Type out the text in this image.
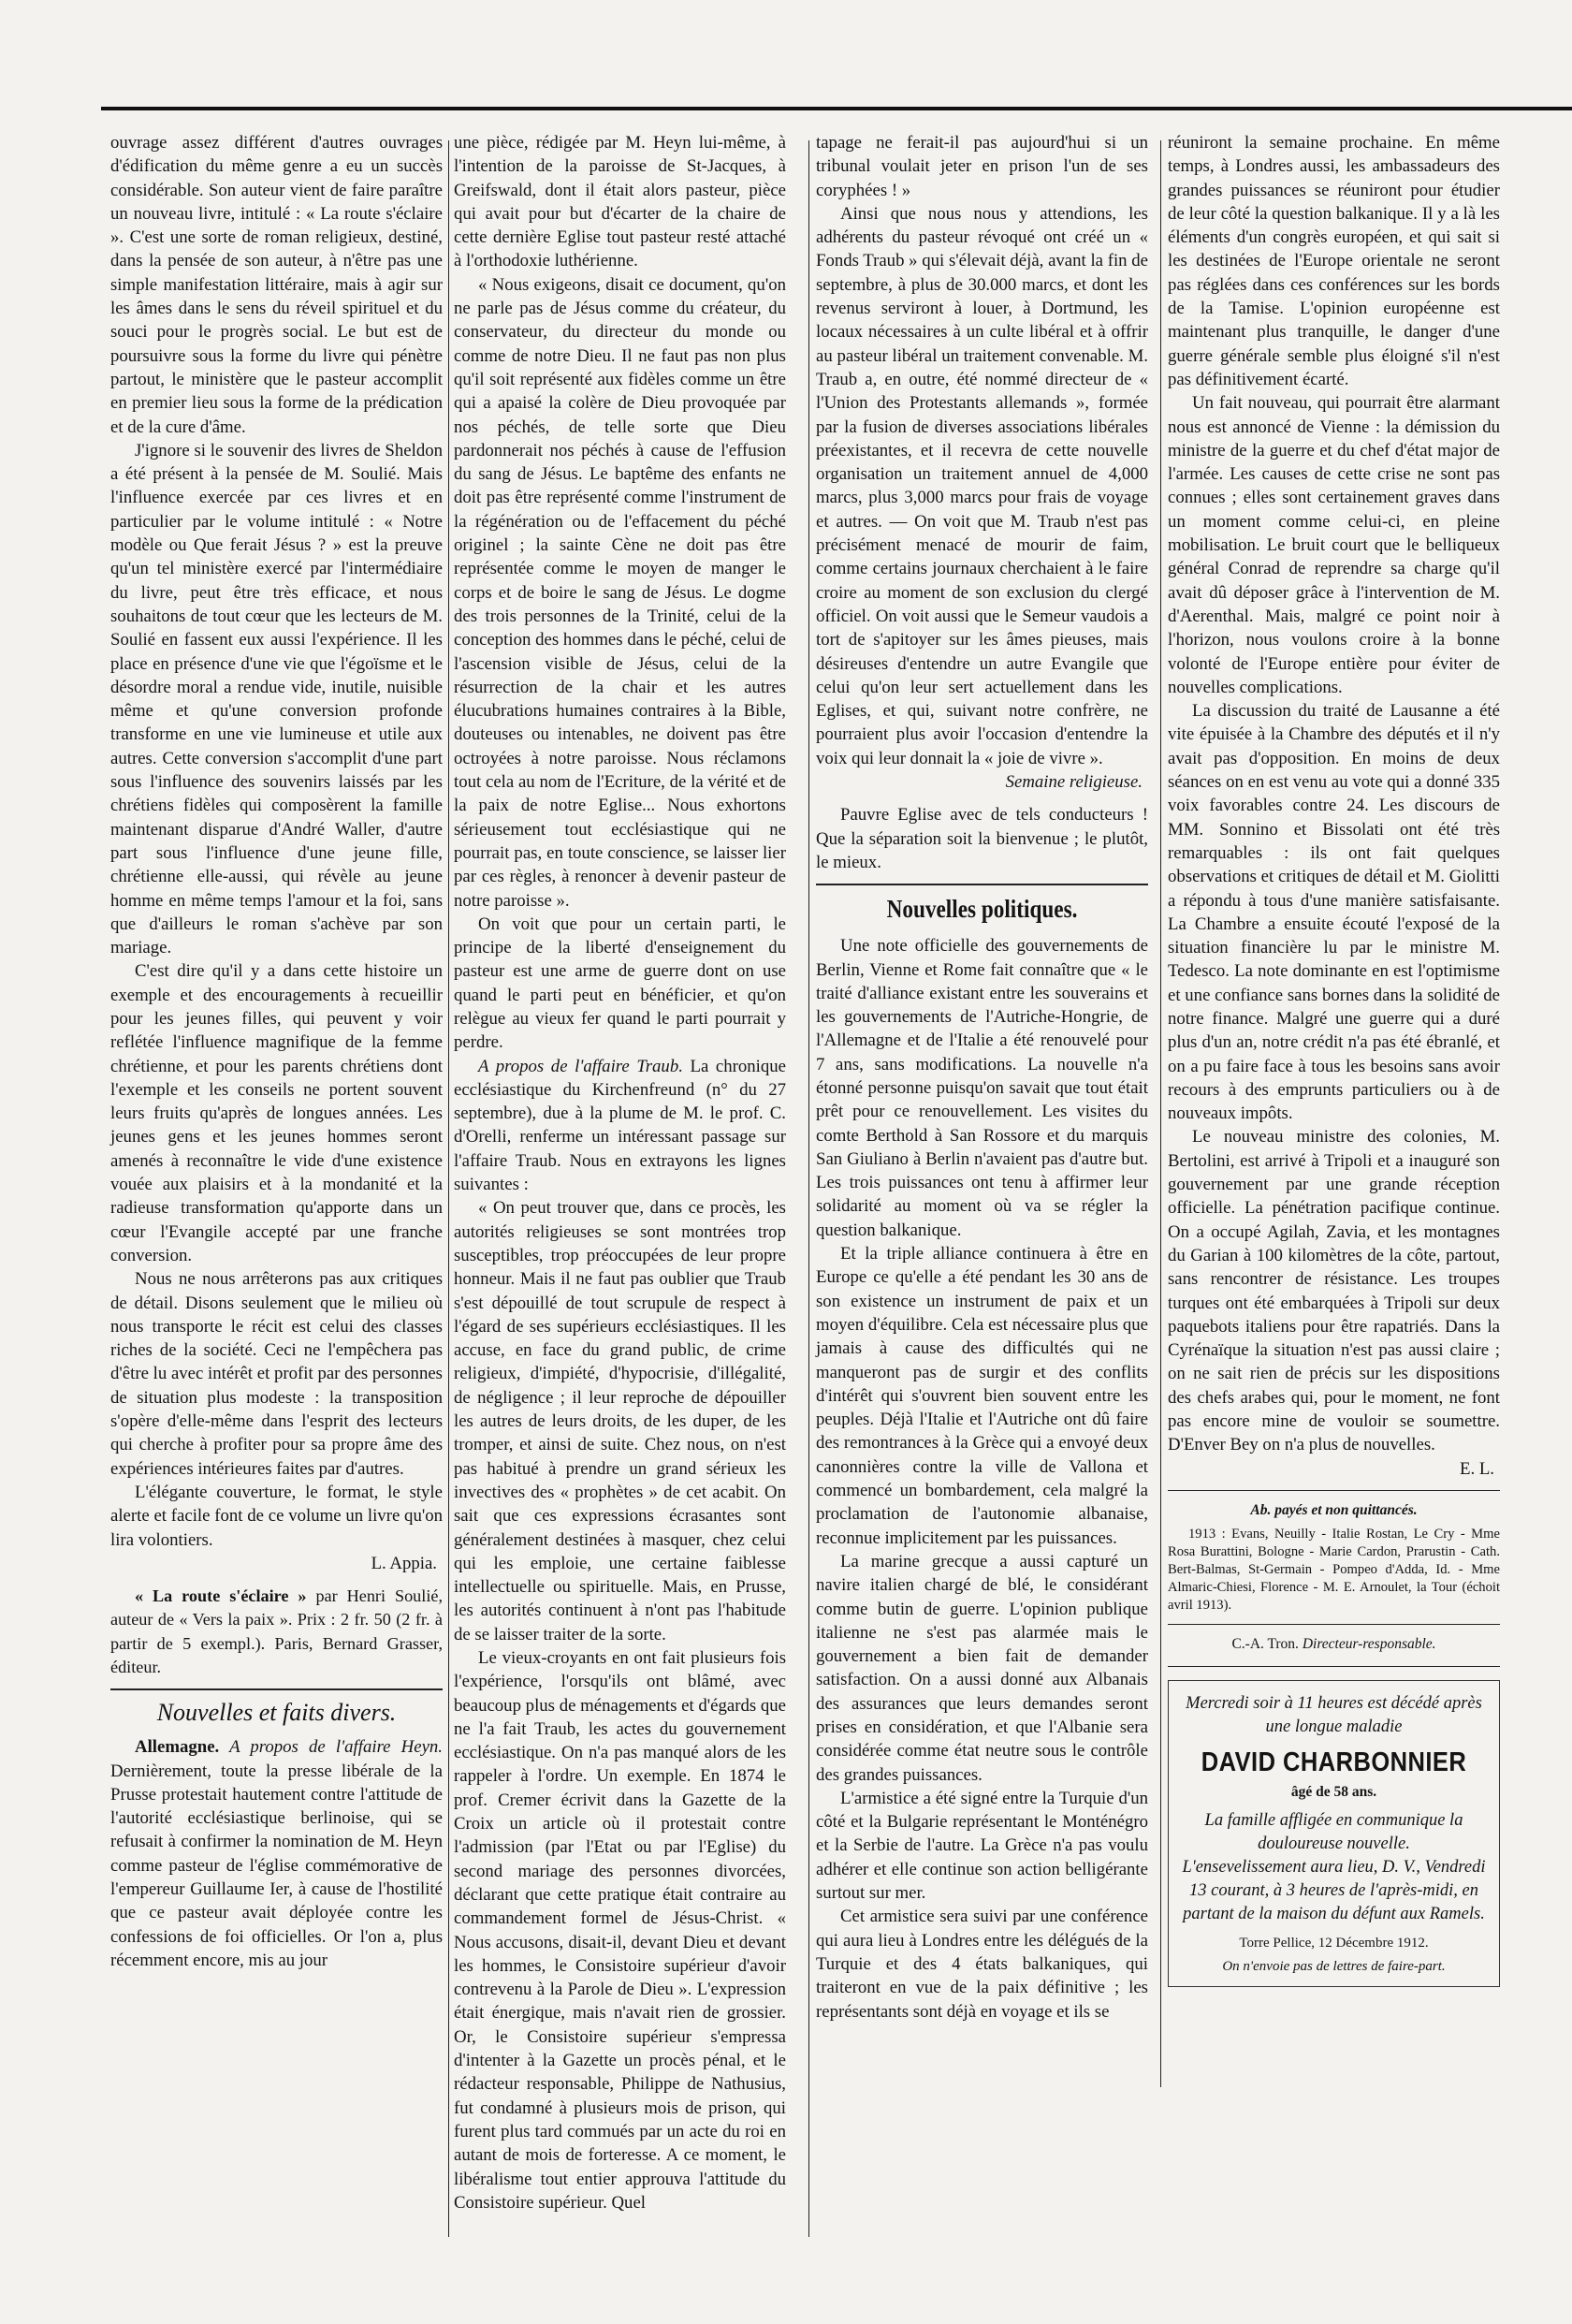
ouvrage assez différent d'autres ouvrages d'édification du même genre a eu un succès considérable. Son auteur vient de faire paraître un nouveau livre, intitulé : « La route s'éclaire ». C'est une sorte de roman religieux, destiné, dans la pensée de son auteur, à n'être pas une simple manifestation littéraire, mais à agir sur les âmes dans le sens du réveil spirituel et du souci pour le progrès social. Le but est de poursuivre sous la forme du livre qui pénètre partout, le ministère que le pasteur accomplit en premier lieu sous la forme de la prédication et de la cure d'âme.

J'ignore si le souvenir des livres de Sheldon a été présent à la pensée de M. Soulié. Mais l'influence exercée par ces livres et en particulier par le volume intitulé : « Notre modèle ou Que ferait Jésus ? » est la preuve qu'un tel ministère exercé par l'intermédiaire du livre, peut être très efficace, et nous souhaitons de tout cœur que les lecteurs de M. Soulié en fassent eux aussi l'expérience. Il les place en présence d'une vie que l'égoïsme et le désordre moral a rendue vide, inutile, nuisible même et qu'une conversion profonde transforme en une vie lumineuse et utile aux autres. Cette conversion s'accomplit d'une part sous l'influence des souvenirs laissés par les chrétiens fidèles qui composèrent la famille maintenant disparue d'André Waller, d'autre part sous l'influence d'une jeune fille, chrétienne elle-aussi, qui révèle au jeune homme en même temps l'amour et la foi, sans que d'ailleurs le roman s'achève par son mariage.

C'est dire qu'il y a dans cette histoire un exemple et des encouragements à recueillir pour les jeunes filles, qui peuvent y voir reflétée l'influence magnifique de la femme chrétienne, et pour les parents chrétiens dont l'exemple et les conseils ne portent souvent leurs fruits qu'après de longues années. Les jeunes gens et les jeunes hommes seront amenés à reconnaître le vide d'une existence vouée aux plaisirs et à la mondanité et la radieuse transformation qu'apporte dans un cœur l'Evangile accepté par une franche conversion.

Nous ne nous arrêterons pas aux critiques de détail. Disons seulement que le milieu où nous transporte le récit est celui des classes riches de la société. Ceci ne l'empêchera pas d'être lu avec intérêt et profit par des personnes de situation plus modeste : la transposition s'opère d'elle-même dans l'esprit des lecteurs qui cherche à profiter pour sa propre âme des expériences intérieures faites par d'autres.

L'élégante couverture, le format, le style alerte et facile font de ce volume un livre qu'on lira volontiers.

L. Appia.

« La route s'éclaire » par Henri Soulié, auteur de « Vers la paix ». Prix : 2 fr. 50 (2 fr. à partir de 5 exempl.). Paris, Bernard Grasser, éditeur.

Nouvelles et faits divers.

Allemagne. A propos de l'affaire Heyn. Dernièrement, toute la presse libérale de la Prusse protestait hautement contre l'attitude de l'autorité ecclésiastique berlinoise, qui se refusait à confirmer la nomination de M. Heyn comme pasteur de l'église commémorative de l'empereur Guillaume Ier, à cause de l'hostilité que ce pasteur avait déployée contre les confessions de foi officielles. Or l'on a, plus récemment encore, mis au jour

une pièce, rédigée par M. Heyn lui-même, à l'intention de la paroisse de St-Jacques, à Greifswald, dont il était alors pasteur, pièce qui avait pour but d'écarter de la chaire de cette dernière Eglise tout pasteur resté attaché à l'orthodoxie luthérienne.

« Nous exigeons, disait ce document, qu'on ne parle pas de Jésus comme du créateur, du conservateur, du directeur du monde ou comme de notre Dieu. Il ne faut pas non plus qu'il soit représenté aux fidèles comme un être qui a apaisé la colère de Dieu provoquée par nos péchés, de telle sorte que Dieu pardonnerait nos péchés à cause de l'effusion du sang de Jésus. Le baptême des enfants ne doit pas être représenté comme l'instrument de la régénération ou de l'effacement du péché originel ; la sainte Cène ne doit pas être représentée comme le moyen de manger le corps et de boire le sang de Jésus. Le dogme des trois personnes de la Trinité, celui de la conception des hommes dans le péché, celui de l'ascension visible de Jésus, celui de la résurrection de la chair et les autres élucubrations humaines contraires à la Bible, douteuses ou intenables, ne doivent pas être octroyées à notre paroisse. Nous réclamons tout cela au nom de l'Ecriture, de la vérité et de la paix de notre Eglise... Nous exhortons sérieusement tout ecclésiastique qui ne pourrait pas, en toute conscience, se laisser lier par ces règles, à renoncer à devenir pasteur de notre paroisse ».

On voit que pour un certain parti, le principe de la liberté d'enseignement du pasteur est une arme de guerre dont on use quand le parti peut en bénéficier, et qu'on relègue au vieux fer quand le parti pourrait y perdre.

A propos de l'affaire Traub. La chronique ecclésiastique du Kirchenfreund (n° du 27 septembre), due à la plume de M. le prof. C. d'Orelli, renferme un intéressant passage sur l'affaire Traub. Nous en extrayons les lignes suivantes :

« On peut trouver que, dans ce procès, les autorités religieuses se sont montrées trop susceptibles, trop préoccupées de leur propre honneur. Mais il ne faut pas oublier que Traub s'est dépouillé de tout scrupule de respect à l'égard de ses supérieurs ecclésiastiques. Il les accuse, en face du grand public, de crime religieux, d'impiété, d'hypocrisie, d'illégalité, de négligence ; il leur reproche de dépouiller les autres de leurs droits, de les duper, de les tromper, et ainsi de suite. Chez nous, on n'est pas habitué à prendre un grand sérieux les invectives des « prophètes » de cet acabit. On sait que ces expressions écrasantes sont généralement destinées à masquer, chez celui qui les emploie, une certaine faiblesse intellectuelle ou spirituelle. Mais, en Prusse, les autorités continuent à n'ont pas l'habitude de se laisser traiter de la sorte.

Le vieux-croyants en ont fait plusieurs fois l'expérience, l'orsqu'ils ont blâmé, avec beaucoup plus de ménagements et d'égards que ne l'a fait Traub, les actes du gouvernement ecclésiastique. On n'a pas manqué alors de les rappeler à l'ordre. Un exemple. En 1874 le prof. Cremer écrivit dans la Gazette de la Croix un article où il protestait contre l'admission (par l'Etat ou par l'Eglise) du second mariage des personnes divorcées, déclarant que cette pratique était contraire au commandement formel de Jésus-Christ. « Nous accusons, disait-il, devant Dieu et devant les hommes, le Consistoire supérieur d'avoir contrevenu à la Parole de Dieu ». L'expression était énergique, mais n'avait rien de grossier. Or, le Consistoire supérieur s'empressa d'intenter à la Gazette un procès pénal, et le rédacteur responsable, Philippe de Nathusius, fut condamné à plusieurs mois de prison, qui furent plus tard commués par un acte du roi en autant de mois de forteresse. A ce moment, le libéralisme tout entier approuva l'attitude du Consistoire supérieur. Quel

tapage ne ferait-il pas aujourd'hui si un tribunal voulait jeter en prison l'un de ses coryphées ! »

Ainsi que nous nous y attendions, les adhérents du pasteur révoqué ont créé un « Fonds Traub » qui s'élevait déjà, avant la fin de septembre, à plus de 30.000 marcs, et dont les revenus serviront à louer, à Dortmund, les locaux nécessaires à un culte libéral et à offrir au pasteur libéral un traitement convenable. M. Traub a, en outre, été nommé directeur de « l'Union des Protestants allemands », formée par la fusion de diverses associations libérales préexistantes, et il recevra de cette nouvelle organisation un traitement annuel de 4,000 marcs, plus 3,000 marcs pour frais de voyage et autres. — On voit que M. Traub n'est pas précisément menacé de mourir de faim, comme certains journaux cherchaient à le faire croire au moment de son exclusion du clergé officiel. On voit aussi que le Semeur vaudois a tort de s'apitoyer sur les âmes pieuses, mais désireuses d'entendre un autre Evangile que celui qu'on leur sert actuellement dans les Eglises, et qui, suivant notre confrère, ne pourraient plus avoir l'occasion d'entendre la voix qui leur donnait la « joie de vivre ».

Semaine religieuse.

Pauvre Eglise avec de tels conducteurs ! Que la séparation soit la bienvenue ; le plutôt, le mieux.

Nouvelles politiques.

Une note officielle des gouvernements de Berlin, Vienne et Rome fait connaître que « le traité d'alliance existant entre les souverains et les gouvernements de l'Autriche-Hongrie, de l'Allemagne et de l'Italie a été renouvelé pour 7 ans, sans modifications. La nouvelle n'a étonné personne puisqu'on savait que tout était prêt pour ce renouvellement. Les visites du comte Berthold à San Rossore et du marquis San Giuliano à Berlin n'avaient pas d'autre but. Les trois puissances ont tenu à affirmer leur solidarité au moment où va se régler la question balkanique.

Et la triple alliance continuera à être en Europe ce qu'elle a été pendant les 30 ans de son existence un instrument de paix et un moyen d'équilibre. Cela est nécessaire plus que jamais à cause des difficultés qui ne manqueront pas de surgir et des conflits d'intérêt qui s'ouvrent bien souvent entre les peuples. Déjà l'Italie et l'Autriche ont dû faire des remontrances à la Grèce qui a envoyé deux canonnières contre la ville de Vallona et commencé un bombardement, cela malgré la proclamation de l'autonomie albanaise, reconnue implicitement par les puissances.

La marine grecque a aussi capturé un navire italien chargé de blé, le considérant comme butin de guerre. L'opinion publique italienne ne s'est pas alarmée mais le gouvernement a bien fait de demander satisfaction. On a aussi donné aux Albanais des assurances que leurs demandes seront prises en considération, et que l'Albanie sera considérée comme état neutre sous le contrôle des grandes puissances.

L'armistice a été signé entre la Turquie d'un côté et la Bulgarie représentant le Monténégro et la Serbie de l'autre. La Grèce n'a pas voulu adhérer et elle continue son action belligérante surtout sur mer.

Cet armistice sera suivi par une conférence qui aura lieu à Londres entre les délégués de la Turquie et des 4 états balkaniques, qui traiteront en vue de la paix définitive ; les représentants sont déjà en voyage et ils se

réuniront la semaine prochaine. En même temps, à Londres aussi, les ambassadeurs des grandes puissances se réuniront pour étudier de leur côté la question balkanique. Il y a là les éléments d'un congrès européen, et qui sait si les destinées de l'Europe orientale ne seront pas réglées dans ces conférences sur les bords de la Tamise. L'opinion européenne est maintenant plus tranquille, le danger d'une guerre générale semble plus éloigné s'il n'est pas définitivement écarté.

Un fait nouveau, qui pourrait être alarmant nous est annoncé de Vienne : la démission du ministre de la guerre et du chef d'état major de l'armée. Les causes de cette crise ne sont pas connues ; elles sont certainement graves dans un moment comme celui-ci, en pleine mobilisation. Le bruit court que le belliqueux général Conrad de reprendre sa charge qu'il avait dû déposer grâce à l'intervention de M. d'Aerenthal. Mais, malgré ce point noir à l'horizon, nous voulons croire à la bonne volonté de l'Europe entière pour éviter de nouvelles complications.

La discussion du traité de Lausanne a été vite épuisée à la Chambre des députés et il n'y avait pas d'opposition. En moins de deux séances on en est venu au vote qui a donné 335 voix favorables contre 24. Les discours de MM. Sonnino et Bissolati ont été très remarquables : ils ont fait quelques observations et critiques de détail et M. Giolitti a répondu à tous d'une manière satisfaisante. La Chambre a ensuite écouté l'exposé de la situation financière lu par le ministre M. Tedesco. La note dominante en est l'optimisme et une confiance sans bornes dans la solidité de notre finance. Malgré une guerre qui a duré plus d'un an, notre crédit n'a pas été ébranlé, et on a pu faire face à tous les besoins sans avoir recours à des emprunts particuliers ou à de nouveaux impôts.

Le nouveau ministre des colonies, M. Bertolini, est arrivé à Tripoli et a inauguré son gouvernement par une grande réception officielle. La pénétration pacifique continue. On a occupé Agilah, Zavia, et les montagnes du Garian à 100 kilomètres de la côte, partout, sans rencontrer de résistance. Les troupes turques ont été embarquées à Tripoli sur deux paquebots italiens pour être rapatriés. Dans la Cyrénaïque la situation n'est pas aussi claire ; on ne sait rien de précis sur les dispositions des chefs arabes qui, pour le moment, ne font pas encore mine de vouloir se soumettre. D'Enver Bey on n'a plus de nouvelles.

E. L.
Ab. payés et non quittancés.

1913 : Evans, Neuilly - Italie Rostan, Le Cry - Mme Rosa Burattini, Bologne - Marie Cardon, Prarustin - Cath. Bert-Balmas, St-Germain - Pompeo d'Adda, Id. - Mme Almaric-Chiesi, Florence - M. E. Arnoulet, la Tour (échoit avril 1913).

C.-A. Tron. Directeur-responsable.
Mercredi soir à 11 heures est décédé après une longue maladie
DAVID CHARBONNIER
âgé de 58 ans.
La famille affligée en communique la douloureuse nouvelle.
L'ensevelissement aura lieu, D. V., Vendredi 13 courant, à 3 heures de l'après-midi, en partant de la maison du défunt aux Ramels.
Torre Pellice, 12 Décembre 1912.
On n'envoie pas de lettres de faire-part.
